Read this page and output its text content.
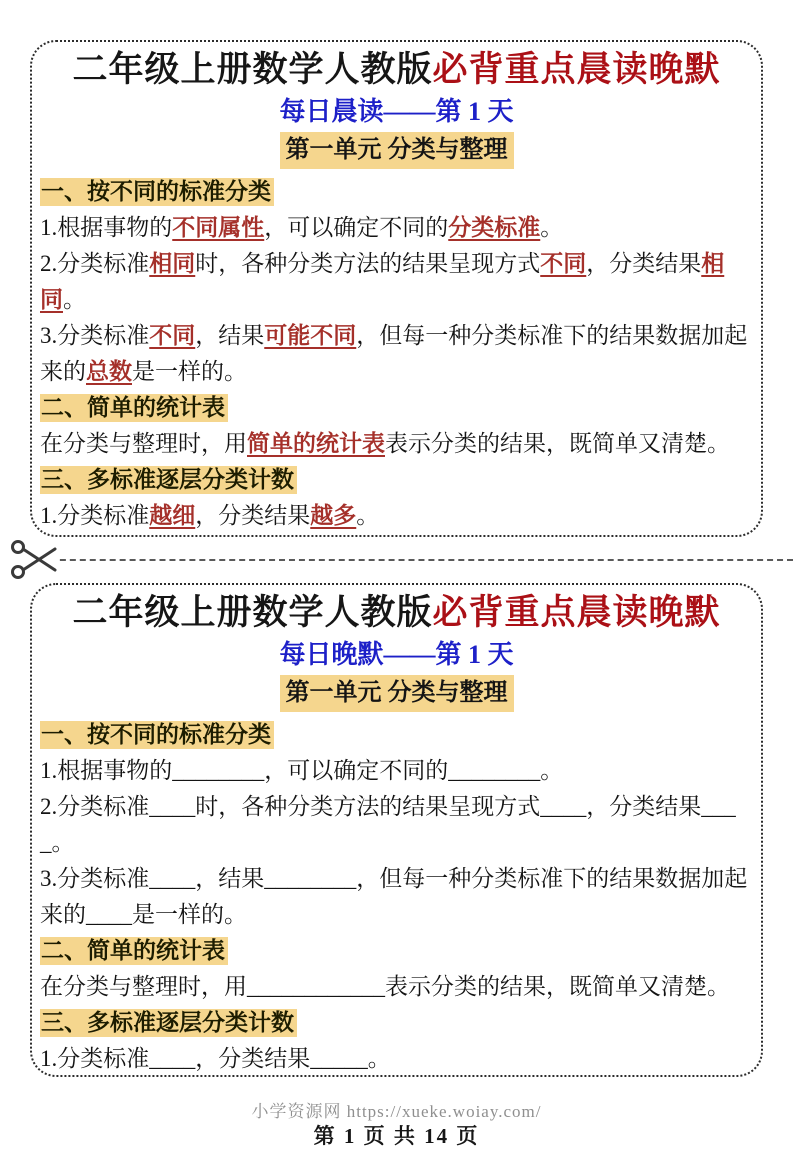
二年级上册数学人教版必背重点晨读晚默
每日晨读——第 1 天
第一单元 分类与整理
一、按不同的标准分类
1.根据事物的不同属性，可以确定不同的分类标准。
2.分类标准相同时，各种分类方法的结果呈现方式不同，分类结果相同。
3.分类标准不同，结果可能不同，但每一种分类标准下的结果数据加起来的总数是一样的。
二、简单的统计表
在分类与整理时，用简单的统计表表示分类的结果，既简单又清楚。
三、多标准逐层分类计数
1.分类标准越细，分类结果越多。
二年级上册数学人教版必背重点晨读晚默
每日晚默——第 1 天
第一单元 分类与整理
一、按不同的标准分类
1.根据事物的________，可以确定不同的________。
2.分类标准____时，各种分类方法的结果呈现方式____，分类结果____。
3.分类标准____，结果________，但每一种分类标准下的结果数据加起来的____是一样的。
二、简单的统计表
在分类与整理时，用____________表示分类的结果，既简单又清楚。
三、多标准逐层分类计数
1.分类标准____，分类结果_____。
小学资源网 https://xueke.woiay.com/
第 1 页 共 14 页
